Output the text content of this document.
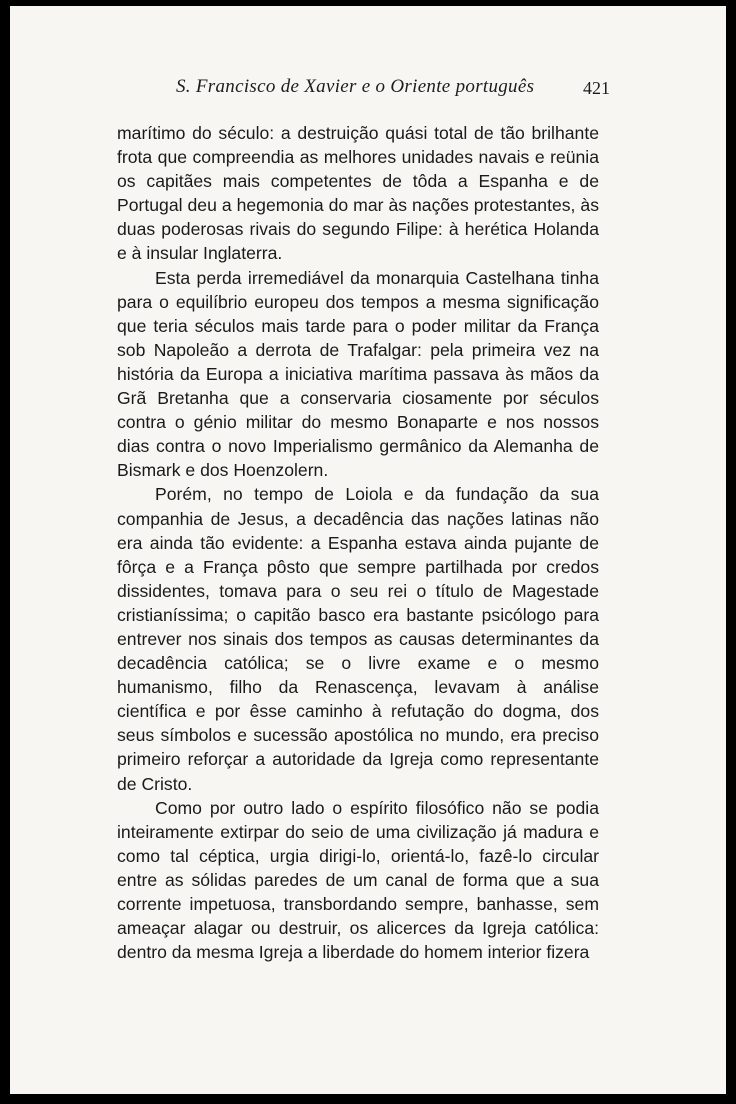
S. Francisco de Xavier e o Oriente português	421

marítimo do século: a destruição quási total de tão brilhante frota que compreendia as melhores unidades navais e reünia os capitães mais competentes de tôda a Espanha e de Portugal deu a hegemonia do mar às nações protestantes, às duas poderosas rivais do segundo Filipe: à herética Holanda e à insular Inglaterra.

Esta perda irremediável da monarquia Castelhana tinha para o equilíbrio europeu dos tempos a mesma significação que teria séculos mais tarde para o poder militar da França sob Napoleão a derrota de Trafalgar: pela primeira vez na história da Europa a iniciativa marítima passava às mãos da Grã Bretanha que a conservaria ciosamente por séculos contra o génio militar do mesmo Bonaparte e nos nossos dias contra o novo Imperialismo germânico da Alemanha de Bismark e dos Hoenzolern.

Porém, no tempo de Loiola e da fundação da sua companhia de Jesus, a decadência das nações latinas não era ainda tão evidente: a Espanha estava ainda pujante de fôrça e a França pôsto que sempre partilhada por credos dissidentes, tomava para o seu rei o título de Magestade cristianíssima; o capitão basco era bastante psicólogo para entrever nos sinais dos tempos as causas determinantes da decadência católica; se o livre exame e o mesmo humanismo, filho da Renascença, levavam à análise científica e por êsse caminho à refutação do dogma, dos seus símbolos e sucessão apostólica no mundo, era preciso primeiro reforçar a autoridade da Igreja como representante de Cristo.

Como por outro lado o espírito filosófico não se podia inteiramente extirpar do seio de uma civilização já madura e como tal céptica, urgia dirigi-lo, orientá-lo, fazê-lo circular entre as sólidas paredes de um canal de forma que a sua corrente impetuosa, transbordando sempre, banhasse, sem ameaçar alagar ou destruir, os alicerces da Igreja católica: dentro da mesma Igreja a liberdade do homem interior fizera
